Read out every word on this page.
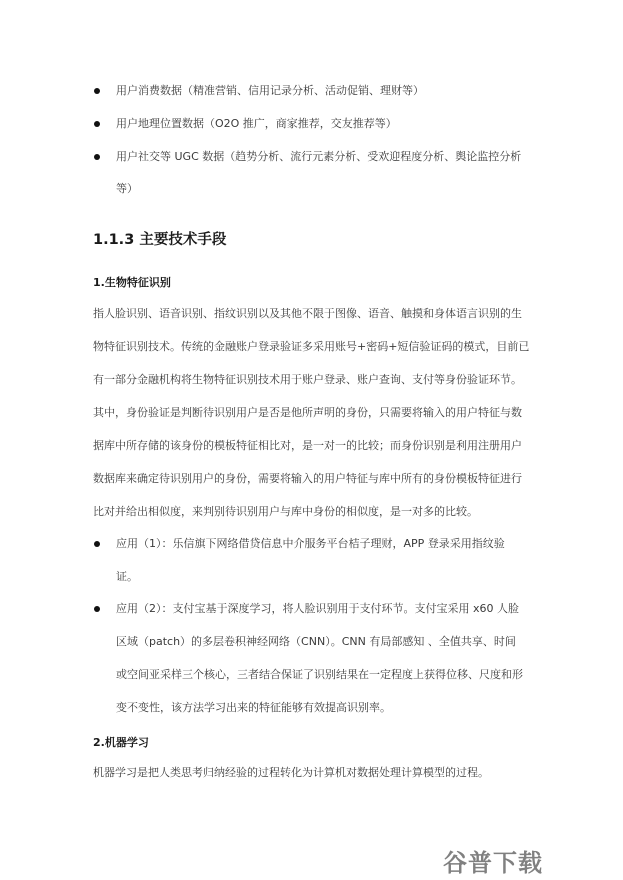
用户消费数据（精准营销、信用记录分析、活动促销、理财等）
用户地理位置数据（O2O 推广，商家推荐，交友推荐等）
用户社交等 UGC 数据（趋势分析、流行元素分析、受欢迎程度分析、舆论监控分析
等）
1.1.3 主要技术手段
1.生物特征识别
指人脸识别、语音识别、指纹识别以及其他不限于图像、语音、触摸和身体语言识别的生
物特征识别技术。传统的金融账户登录验证多采用账号+密码+短信验证码的模式，目前已
有一部分金融机构将生物特征识别技术用于账户登录、账户查询、支付等身份验证环节。
其中，身份验证是判断待识别用户是否是他所声明的身份，只需要将输入的用户特征与数
据库中所存储的该身份的模板特征相比对，是一对一的比较；而身份识别是利用注册用户
数据库来确定待识别用户的身份，需要将输入的用户特征与库中所有的身份模板特征进行
比对并给出相似度，来判别待识别用户与库中身份的相似度，是一对多的比较。
应用（1）：乐信旗下网络借贷信息中介服务平台桔子理财，APP 登录采用指纹验
证。
应用（2）：支付宝基于深度学习，将人脸识别用于支付环节。支付宝采用 x60 人脸
区域（patch）的多层卷积神经网络（CNN）。CNN 有局部感知 、全值共享、时间
或空间亚采样三个核心，三者结合保证了识别结果在一定程度上获得位移、尺度和形
变不变性，该方法学习出来的特征能够有效提高识别率。
2.机器学习
机器学习是把人类思考归纳经验的过程转化为计算机对数据处理计算模型的过程。
谷普下载
